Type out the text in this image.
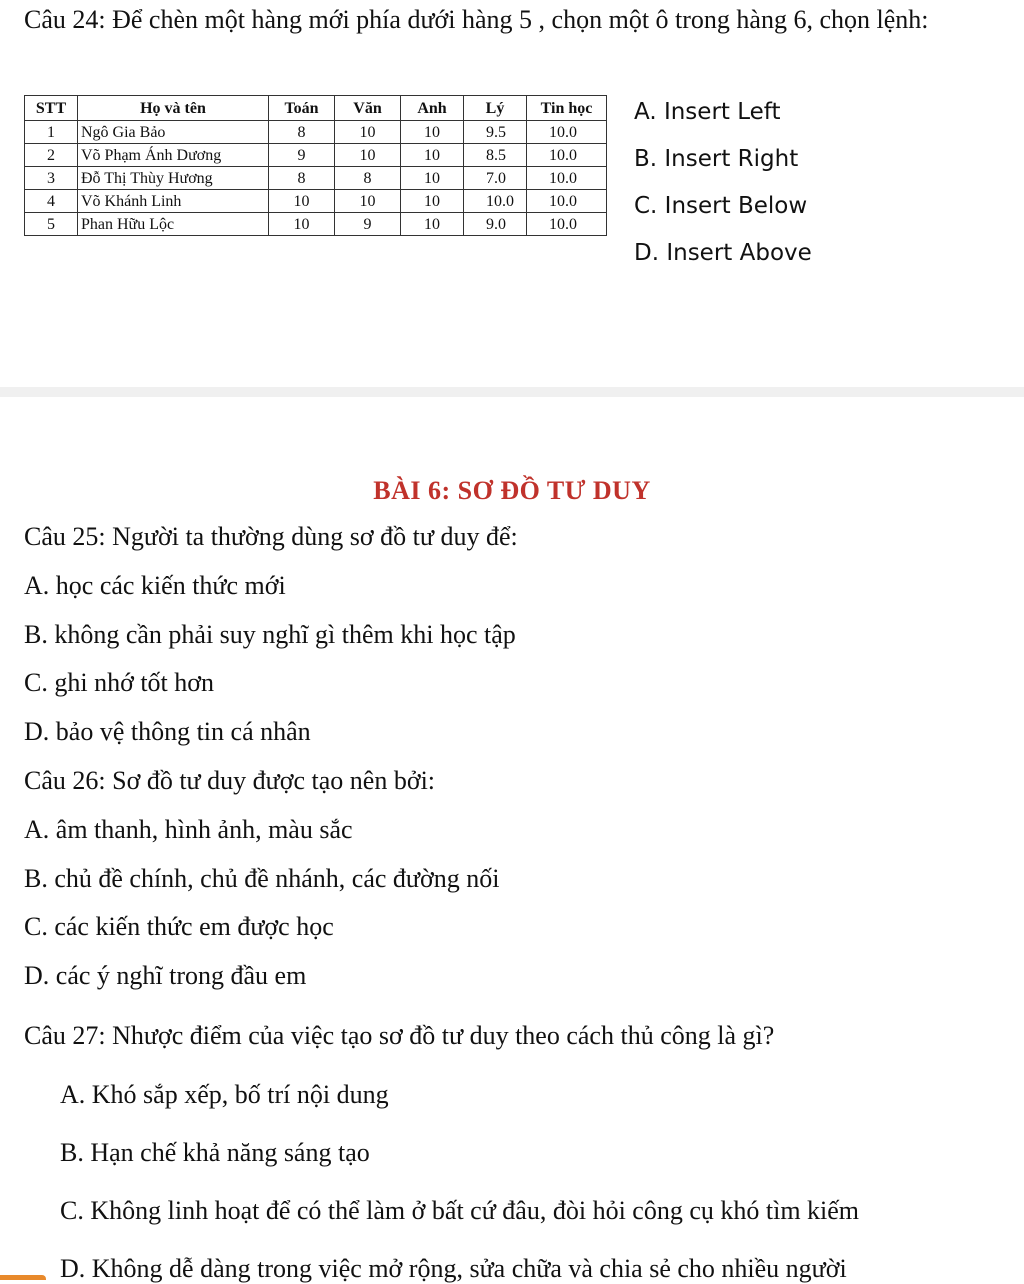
Câu 24: Để chèn một hàng mới phía dưới hàng 5 , chọn một ô trong hàng 6, chọn lệnh:

STT	Họ và tên	Toán	Văn	Anh	Lý	Tin học
1	Ngô Gia Bảo	8	10	10	9.5	10.0
2	Võ Phạm Ánh Dương	9	10	10	8.5	10.0
3	Đỗ Thị Thùy Hương	8	8	10	7.0	10.0
4	Võ Khánh Linh	10	10	10	10.0	10.0
5	Phan Hữu Lộc	10	9	10	9.0	10.0
A. Insert Left
B. Insert Right
C. Insert Below
D. Insert Above
BÀI 6: SƠ ĐỒ TƯ DUY
Câu 25: Người ta thường dùng sơ đồ tư duy để:
A. học các kiến thức mới
B. không cần phải suy nghĩ gì thêm khi học tập
C. ghi nhớ tốt hơn
D. bảo vệ thông tin cá nhân
Câu 26: Sơ đồ tư duy được tạo nên bởi:
A. âm thanh, hình ảnh, màu sắc
B. chủ đề chính, chủ đề nhánh, các đường nối
C. các kiến thức em được học
D. các ý nghĩ trong đầu em
Câu 27: Nhược điểm của việc tạo sơ đồ tư duy theo cách thủ công là gì?
A. Khó sắp xếp, bố trí nội dung
B. Hạn chế khả năng sáng tạo
C. Không linh hoạt để có thể làm ở bất cứ đâu, đòi hỏi công cụ khó tìm kiếm
D. Không dễ dàng trong việc mở rộng, sửa chữa và chia sẻ cho nhiều người
